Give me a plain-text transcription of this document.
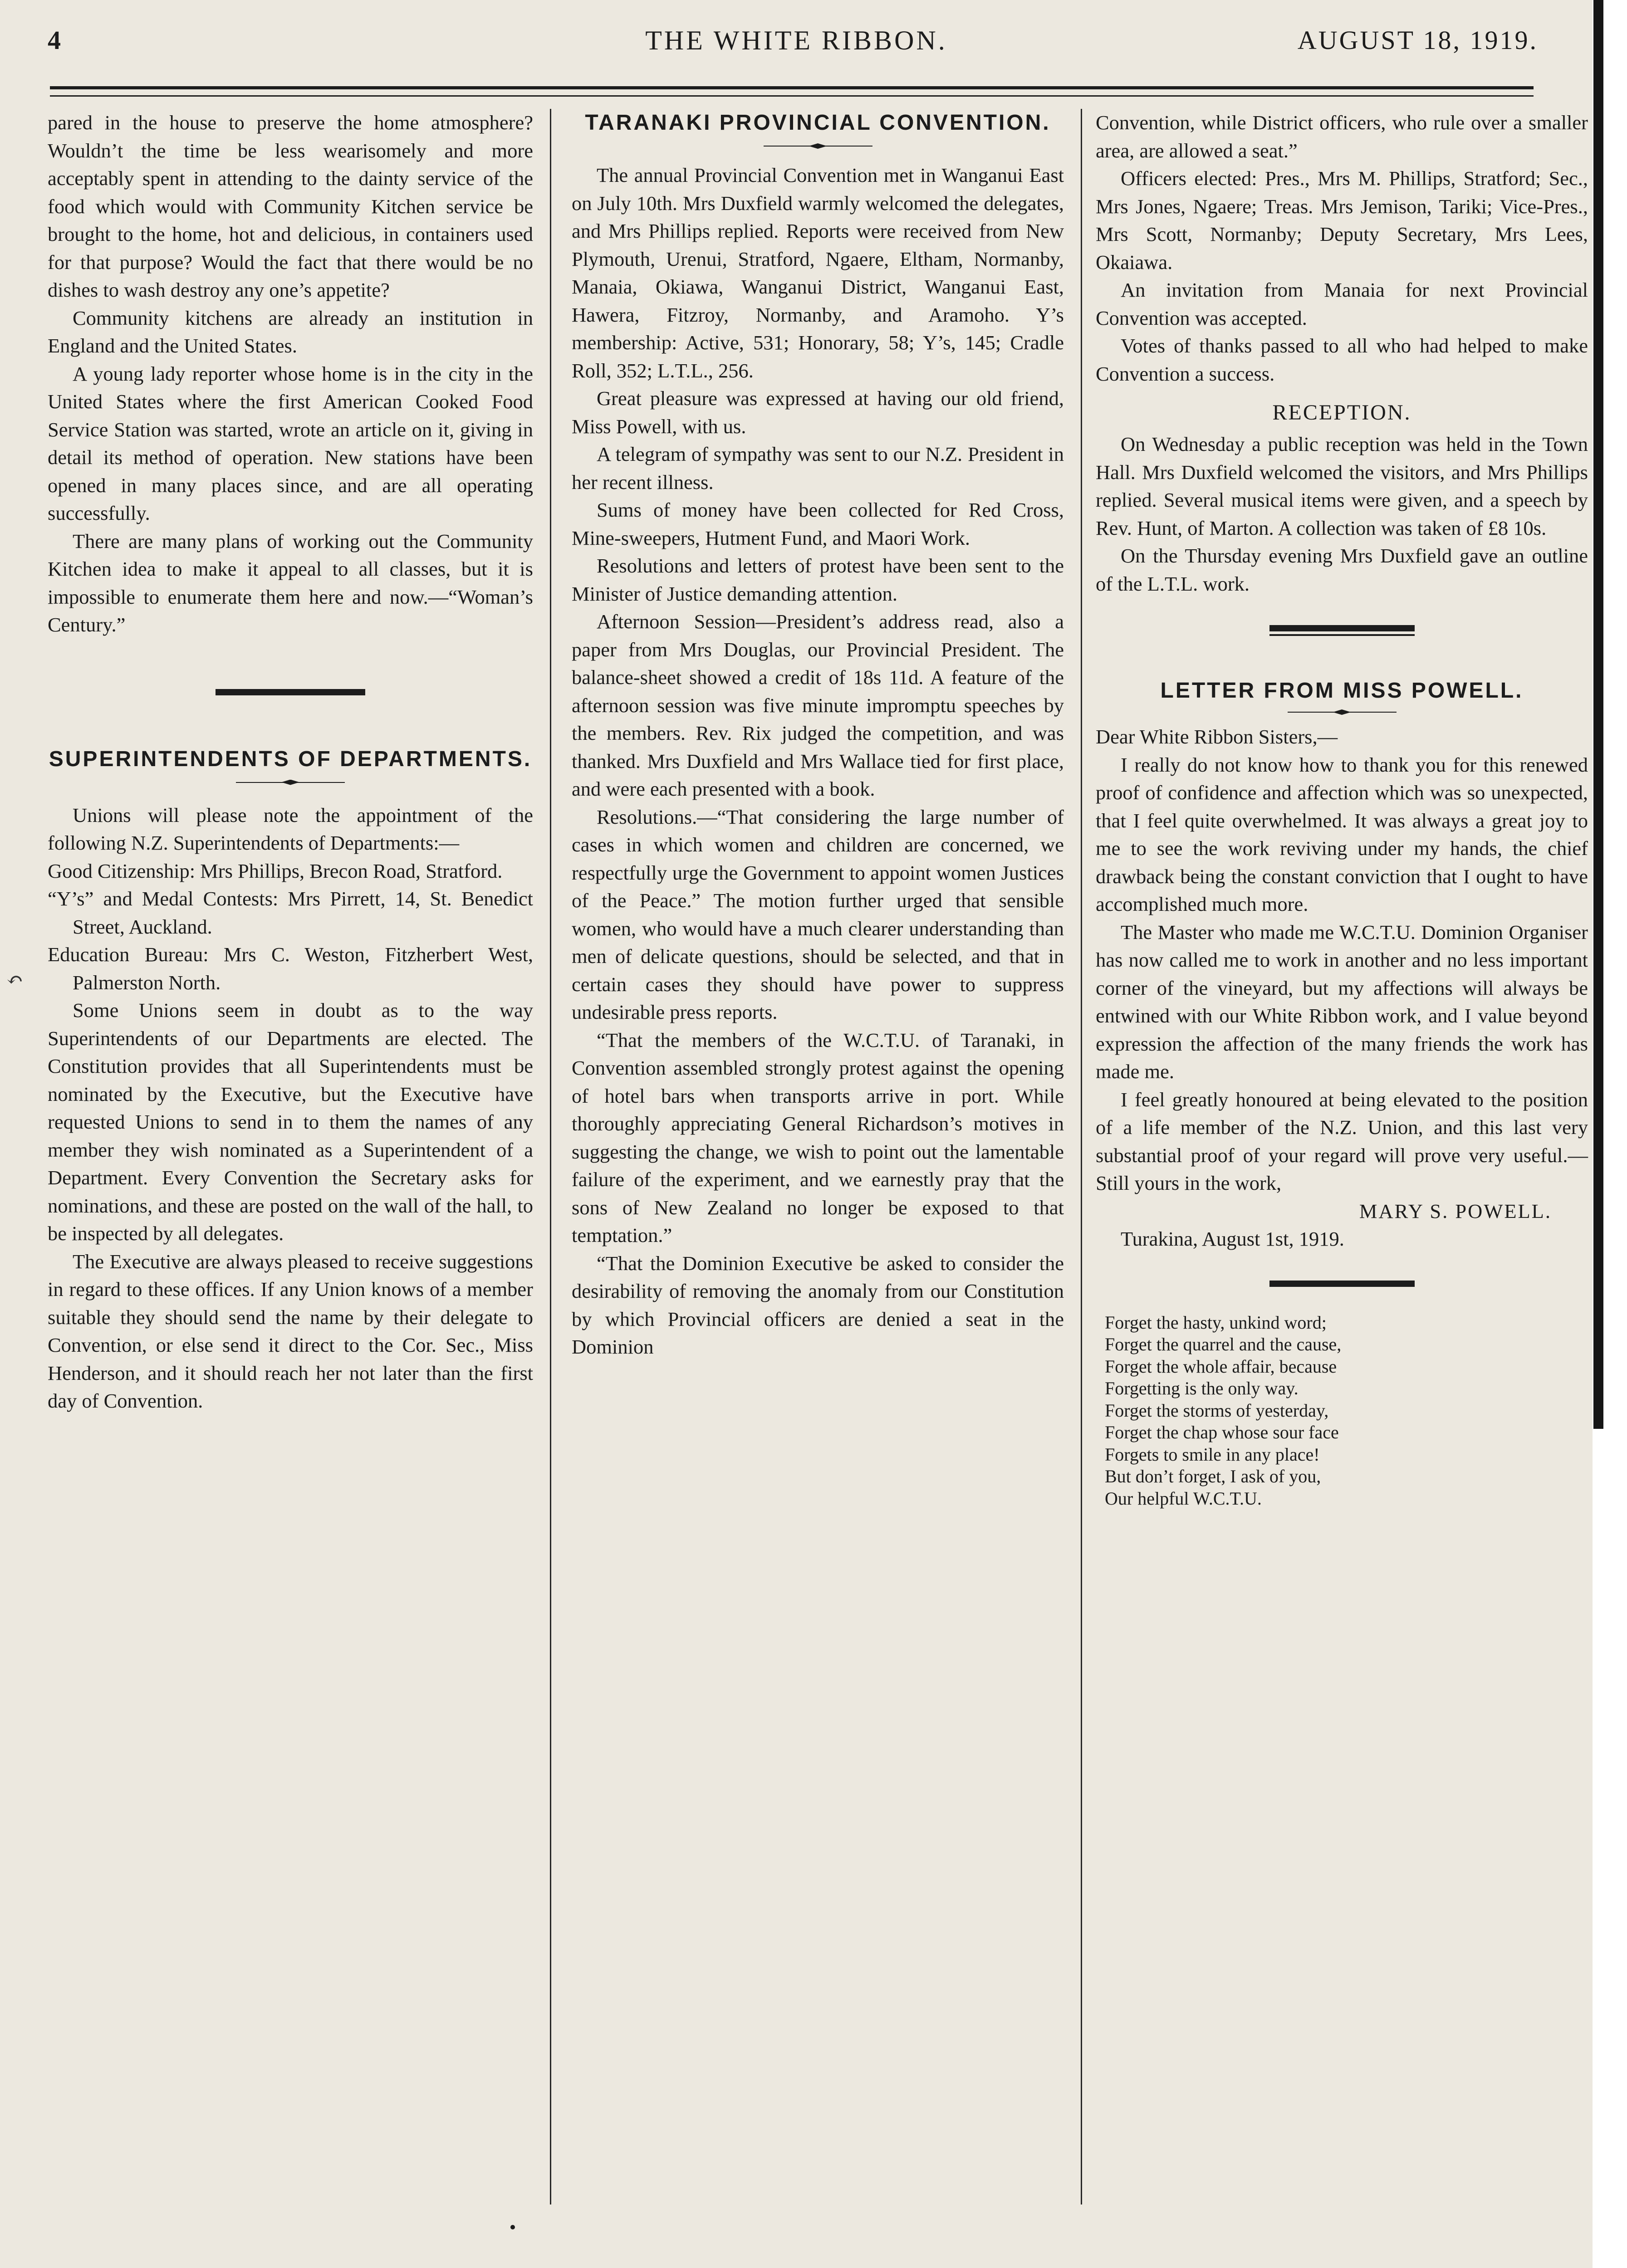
4	THE WHITE RIBBON.	AUGUST 18, 1919.
↶

pared in the house to preserve the home atmosphere? Wouldn’t the time be less wearisomely and more acceptably spent in attending to the dainty service of the food which would with Community Kitchen service be brought to the home, hot and delicious, in containers used for that purpose? Would the fact that there would be no dishes to wash destroy any one’s appetite?

Community kitchens are already an institution in England and the United States.

A young lady reporter whose home is in the city in the United States where the first American Cooked Food Service Station was started, wrote an article on it, giving in detail its method of operation. New stations have been opened in many places since, and are all operating successfully.

There are many plans of working out the Community Kitchen idea to make it appeal to all classes, but it is impossible to enumerate them here and now.—“Woman’s Century.”

SUPERINTENDENTS OF DEPARTMENTS.

Unions will please note the appointment of the following N.Z. Superintendents of Departments:—

Good Citizenship: Mrs Phillips, Brecon Road, Stratford.

“Y’s” and Medal Contests: Mrs Pirrett, 14, St. Benedict Street, Auckland.

Education Bureau: Mrs C. Weston, Fitzherbert West, Palmerston North.

Some Unions seem in doubt as to the way Superintendents of our Departments are elected. The Constitution provides that all Superintendents must be nominated by the Executive, but the Executive have requested Unions to send in to them the names of any member they wish nominated as a Superintendent of a Department. Every Convention the Secretary asks for nominations, and these are posted on the wall of the hall, to be inspected by all delegates.

The Executive are always pleased to receive suggestions in regard to these offices. If any Union knows of a member suitable they should send the name by their delegate to Convention, or else send it direct to the Cor. Sec., Miss Henderson, and it should reach her not later than the first day of Convention.

TARANAKI PROVINCIAL CONVENTION.

The annual Provincial Convention met in Wanganui East on July 10th. Mrs Duxfield warmly welcomed the delegates, and Mrs Phillips replied. Reports were received from New Plymouth, Urenui, Stratford, Ngaere, Eltham, Normanby, Manaia, Okiawa, Wanganui District, Wanganui East, Hawera, Fitzroy, Normanby, and Aramoho. Y’s membership: Active, 531; Honorary, 58; Y’s, 145; Cradle Roll, 352; L.T.L., 256.

Great pleasure was expressed at having our old friend, Miss Powell, with us.

A telegram of sympathy was sent to our N.Z. President in her recent illness.

Sums of money have been collected for Red Cross, Mine-sweepers, Hutment Fund, and Maori Work.

Resolutions and letters of protest have been sent to the Minister of Justice demanding attention.

Afternoon Session—President’s address read, also a paper from Mrs Douglas, our Provincial President. The balance-sheet showed a credit of 18s 11d. A feature of the afternoon session was five minute impromptu speeches by the members. Rev. Rix judged the competition, and was thanked. Mrs Duxfield and Mrs Wallace tied for first place, and were each presented with a book.

Resolutions.—“That considering the large number of cases in which women and children are concerned, we respectfully urge the Government to appoint women Justices of the Peace.” The motion further urged that sensible women, who would have a much clearer understanding than men of delicate questions, should be selected, and that in certain cases they should have power to suppress undesirable press reports.

“That the members of the W.C.T.U. of Taranaki, in Convention assembled strongly protest against the opening of hotel bars when transports arrive in port. While thoroughly appreciating General Richardson’s motives in suggesting the change, we wish to point out the lamentable failure of the experiment, and we earnestly pray that the sons of New Zealand no longer be exposed to that temptation.”

“That the Dominion Executive be asked to consider the desirability of removing the anomaly from our Constitution by which Provincial officers are denied a seat in the Dominion

Convention, while District officers, who rule over a smaller area, are allowed a seat.”

Officers elected: Pres., Mrs M. Phillips, Stratford; Sec., Mrs Jones, Ngaere; Treas. Mrs Jemison, Tariki; Vice-Pres., Mrs Scott, Normanby; Deputy Secretary, Mrs Lees, Okaiawa.

An invitation from Manaia for next Provincial Convention was accepted.

Votes of thanks passed to all who had helped to make Convention a success.

RECEPTION.

On Wednesday a public reception was held in the Town Hall. Mrs Duxfield welcomed the visitors, and Mrs Phillips replied. Several musical items were given, and a speech by Rev. Hunt, of Marton. A collection was taken of £8 10s.

On the Thursday evening Mrs Duxfield gave an outline of the L.T.L. work.

LETTER FROM MISS POWELL.

Dear White Ribbon Sisters,—

I really do not know how to thank you for this renewed proof of confidence and affection which was so unexpected, that I feel quite overwhelmed. It was always a great joy to me to see the work reviving under my hands, the chief drawback being the constant conviction that I ought to have accomplished much more.

The Master who made me W.C.T.U. Dominion Organiser has now called me to work in another and no less important corner of the vineyard, but my affections will always be entwined with our White Ribbon work, and I value beyond expression the affection of the many friends the work has made me.

I feel greatly honoured at being elevated to the position of a life member of the N.Z. Union, and this last very substantial proof of your regard will prove very useful.—Still yours in the work,

MARY S. POWELL.

Turakina, August 1st, 1919.

Forget the hasty, unkind word;

Forget the quarrel and the cause,

Forget the whole affair, because

Forgetting is the only way.

Forget the storms of yesterday,

Forget the chap whose sour face

Forgets to smile in any place!

But don’t forget, I ask of you,

Our helpful W.C.T.U.
